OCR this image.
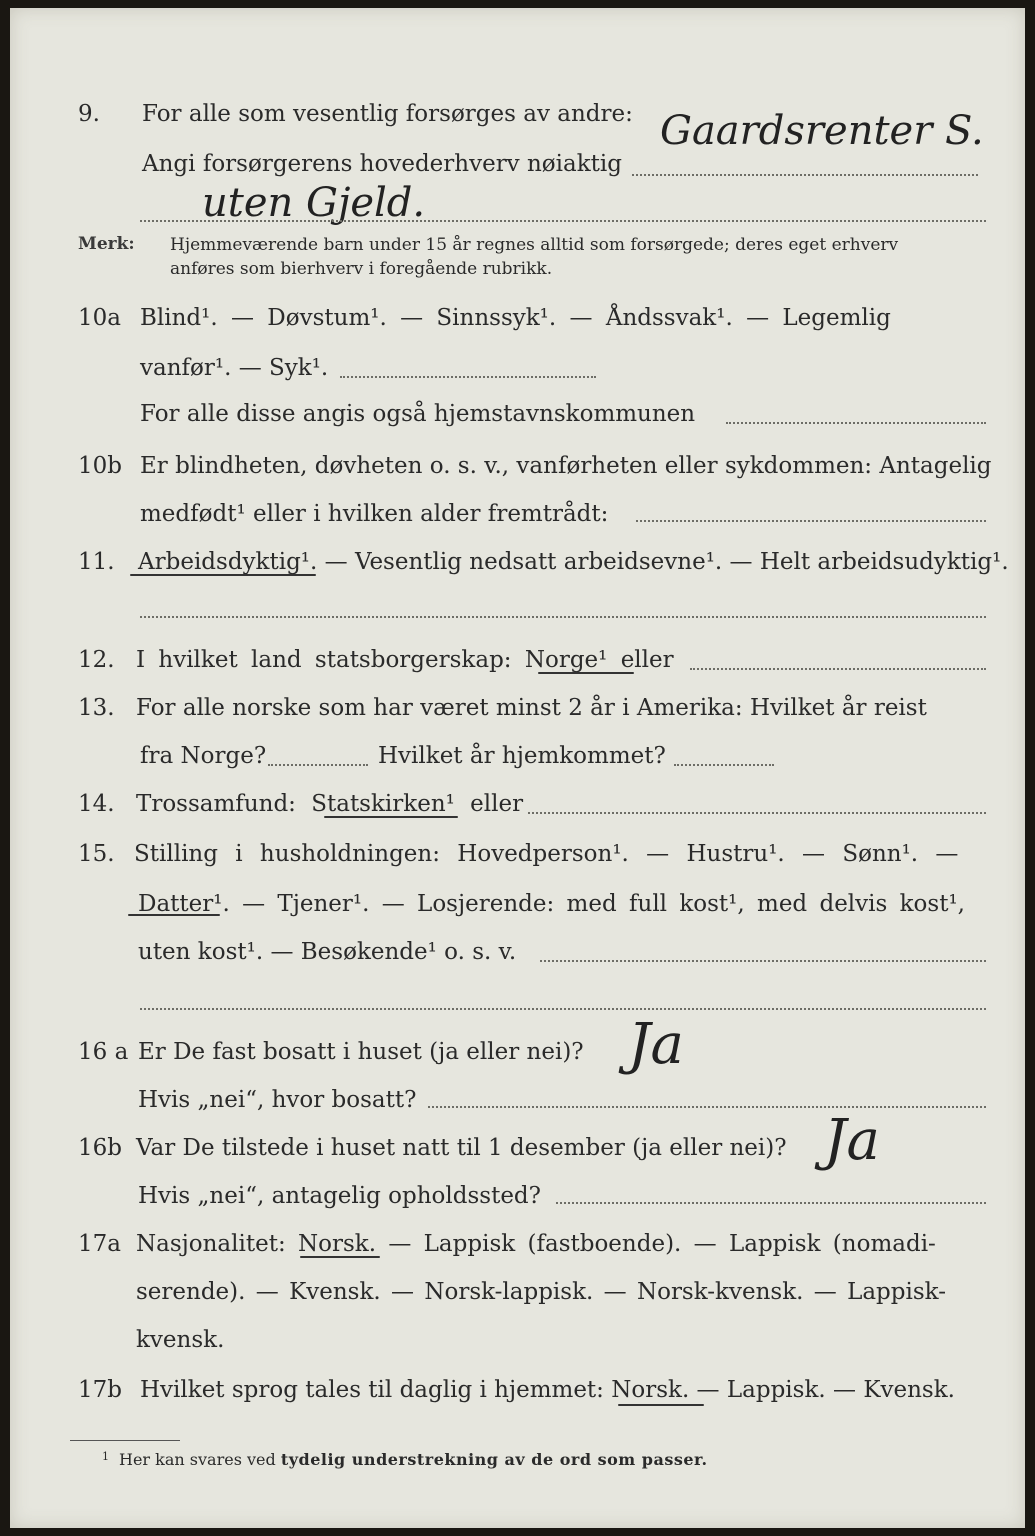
9. For alle som vesentlig forsørges av andre: Gaardsrenter S.
Angi forsørgerens hovederhverv nøiaktig
uten Gjeld.
Merk: Hjemmeværende barn under 15 år regnes alltid som forsørgede; deres eget erhverv
anføres som bierhverv i foregående rubrikk.
10a Blind¹. — Døvstum¹. — Sinnssyk¹. — Åndssvak¹. — Legemlig
vanfør¹. — Syk¹.
For alle disse angis også hjemstavnskommunen
10b Er blindheten, døvheten o. s. v., vanførheten eller sykdommen: Antagelig
medfødt¹ eller i hvilken alder fremtrådt:
11. Arbeidsdyktig¹. — Vesentlig nedsatt arbeidsevne¹. — Helt arbeidsudyktig¹.
12. I hvilket land statsborgerskap: Norge¹ eller
13. For alle norske som har været minst 2 år i Amerika: Hvilket år reist
fra Norge?	Hvilket år hjemkommet?
14. Trossamfund: Statskirken¹ eller
15. Stilling i husholdningen: Hovedperson¹. — Hustru¹. — Sønn¹. —
Datter¹. — Tjener¹. — Losjerende: med full kost¹, med delvis kost¹,
uten kost¹. — Besøkende¹ o. s. v.
16 a Er De fast bosatt i huset (ja eller nei)? Ja
Hvis „nei“, hvor bosatt?
16b Var De tilstede i huset natt til 1 desember (ja eller nei)? Ja
Hvis „nei“, antagelig opholdssted?
17a Nasjonalitet: Norsk. — Lappisk (fastboende). — Lappisk (nomadi-
serende). — Kvensk. — Norsk-lappisk. — Norsk-kvensk. — Lappisk-
kvensk.
17b Hvilket sprog tales til daglig i hjemmet: Norsk. — Lappisk. — Kvensk.
$^1$ Her kan svares ved tydelig understrekning av de ord som passer.
